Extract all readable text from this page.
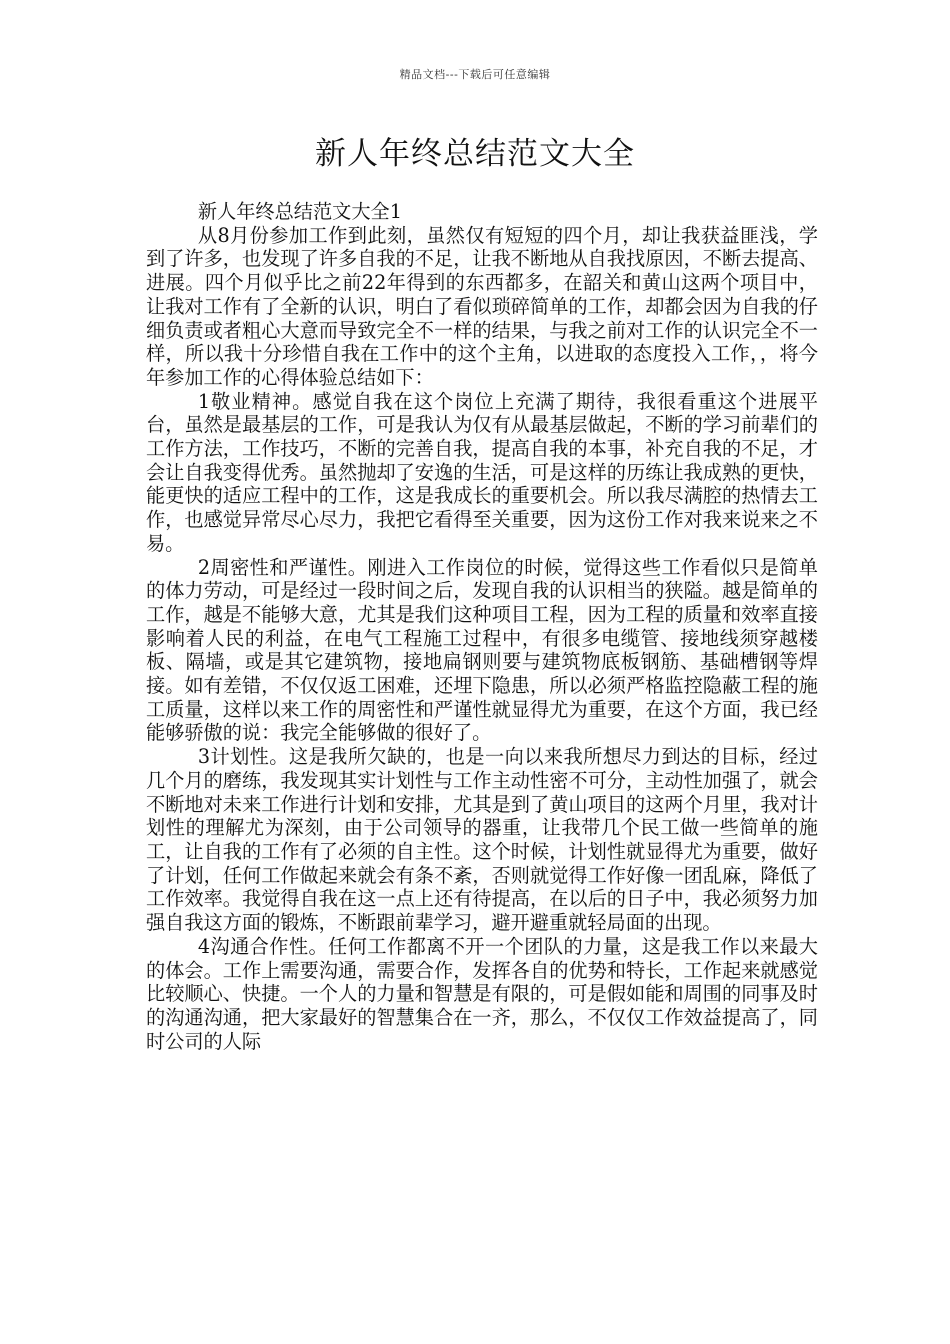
精品文档---下载后可任意编辑
新人年终总结范文大全

新人年终总结范文大全1

从8月份参加工作到此刻，虽然仅有短短的四个月，却让我获益匪浅，学到了许多，也发现了许多自我的不足，让我不断地从自我找原因，不断去提高、进展。四个月似乎比之前22年得到的东西都多，在韶关和黄山这两个项目中，让我对工作有了全新的认识，明白了看似琐碎简单的工作，却都会因为自我的仔细负责或者粗心大意而导致完全不一样的结果，与我之前对工作的认识完全不一样，所以我十分珍惜自我在工作中的这个主角，以进取的态度投入工作，，将今年参加工作的心得体验总结如下：

1敬业精神。感觉自我在这个岗位上充满了期待，我很看重这个进展平台，虽然是最基层的工作，可是我认为仅有从最基层做起，不断的学习前辈们的工作方法，工作技巧，不断的完善自我，提高自我的本事，补充自我的不足，才会让自我变得优秀。虽然抛却了安逸的生活，可是这样的历练让我成熟的更快，能更快的适应工程中的工作，这是我成长的重要机会。所以我尽满腔的热情去工作，也感觉异常尽心尽力，我把它看得至关重要，因为这份工作对我来说来之不易。

2周密性和严谨性。刚进入工作岗位的时候，觉得这些工作看似只是简单的体力劳动，可是经过一段时间之后，发现自我的认识相当的狭隘。越是简单的工作，越是不能够大意，尤其是我们这种项目工程，因为工程的质量和效率直接影响着人民的利益，在电气工程施工过程中，有很多电缆管、接地线须穿越楼板、隔墙，或是其它建筑物，接地扁钢则要与建筑物底板钢筋、基础槽钢等焊接。如有差错，不仅仅返工困难，还埋下隐患，所以必须严格监控隐蔽工程的施工质量，这样以来工作的周密性和严谨性就显得尤为重要，在这个方面，我已经能够骄傲的说：我完全能够做的很好了。

3计划性。这是我所欠缺的，也是一向以来我所想尽力到达的目标，经过几个月的磨练，我发现其实计划性与工作主动性密不可分，主动性加强了，就会不断地对未来工作进行计划和安排，尤其是到了黄山项目的这两个月里，我对计划性的理解尤为深刻，由于公司领导的器重，让我带几个民工做一些简单的施工，让自我的工作有了必须的自主性。这个时候，计划性就显得尤为重要，做好了计划，任何工作做起来就会有条不紊，否则就觉得工作好像一团乱麻，降低了工作效率。我觉得自我在这一点上还有待提高，在以后的日子中，我必须努力加强自我这方面的锻炼，不断跟前辈学习，避开避重就轻局面的出现。

4沟通合作性。任何工作都离不开一个团队的力量，这是我工作以来最大的体会。工作上需要沟通，需要合作，发挥各自的优势和特长，工作起来就感觉比较顺心、快捷。一个人的力量和智慧是有限的，可是假如能和周围的同事及时的沟通沟通，把大家最好的智慧集合在一齐，那么，不仅仅工作效益提高了，同时公司的人际
